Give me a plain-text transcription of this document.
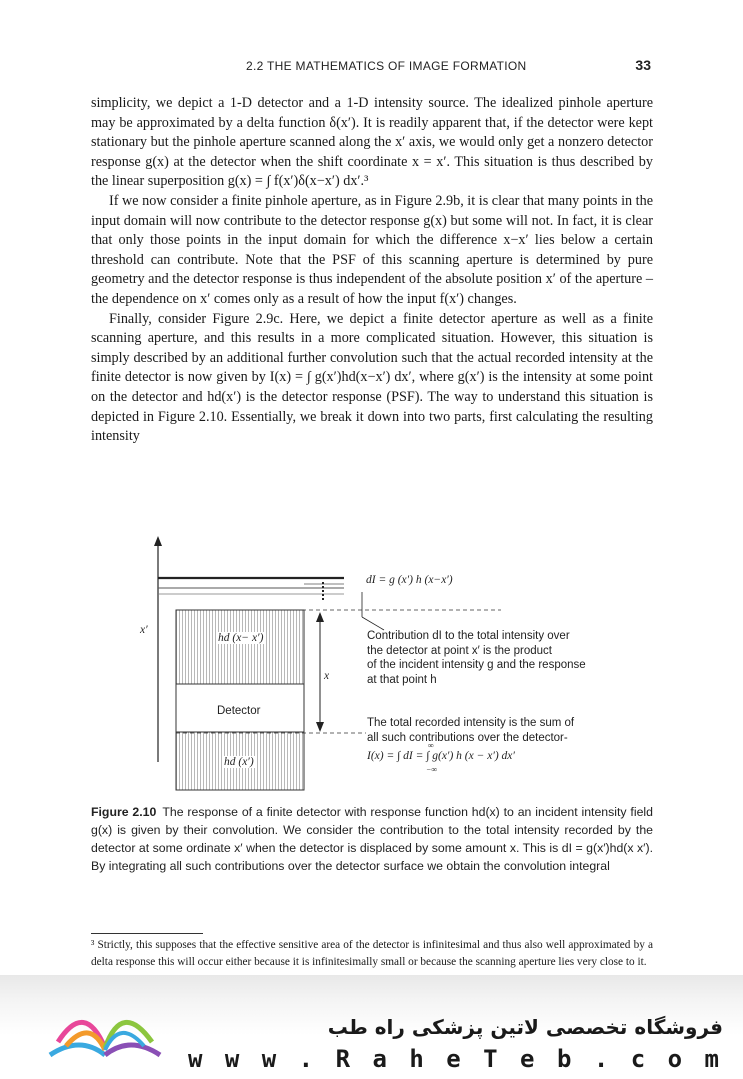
2.2 THE MATHEMATICS OF IMAGE FORMATION	33

simplicity, we depict a 1-D detector and a 1-D intensity source. The idealized pinhole aperture may be approximated by a delta function δ(x′). It is readily apparent that, if the detector were kept stationary but the pinhole aperture scanned along the x′ axis, we would only get a nonzero detector response g(x) at the detector when the shift coordinate x = x′. This situation is thus described by the linear superposition g(x) = ∫ f(x′)δ(x−x′) dx′.³

If we now consider a finite pinhole aperture, as in Figure 2.9b, it is clear that many points in the input domain will now contribute to the detector response g(x) but some will not. In fact, it is clear that only those points in the input domain for which the difference x−x′ lies below a certain threshold can contribute. Note that the PSF of this scanning aperture is determined by pure geometry and the detector response is thus independent of the absolute position x′ of the aperture – the dependence on x′ comes only as a result of how the input f(x′) changes.

Finally, consider Figure 2.9c. Here, we depict a finite detector aperture as well as a finite scanning aperture, and this results in a more complicated situation. However, this situation is simply described by an additional further convolution such that the actual recorded intensity at the finite detector is now given by I(x) = ∫ g(x′)hd(x−x′) dx′, where g(x′) is the intensity at some point on the detector and hd(x′) is the detector response (PSF). The way to understand this situation is depicted in Figure 2.10. Essentially, we break it down into two parts, first calculating the resulting intensity

dI = g (x′) h (x−x′)
x′
x
hd (x− x′)
Detector
hd (x′)
Contribution dI to the total intensity over
the detector at point x′ is the product
of the incident intensity g and the response
at that point h
The total recorded intensity is the sum of
all such contributions over the detector-
∞
I(x) = ∫ dI = ∫ g(x′) h (x − x′) dx′
−∞
Figure 2.10 The response of a finite detector with response function hd(x) to an incident intensity field g(x) is given by their convolution. We consider the contribution to the total intensity recorded by the detector at some ordinate x′ when the detector is displaced by some amount x. This is dI = g(x′)hd(x x′). By integrating all such contributions over the detector surface we obtain the convolution integral
³ Strictly, this supposes that the effective sensitive area of the detector is infinitesimal and thus also well approximated by a delta response this will occur either because it is infinitesimally small or because the scanning aperture lies very close to it.
فروشگاه تخصصی لاتین پزشکی راه طب
w w w . R a h e T e b . c o m
